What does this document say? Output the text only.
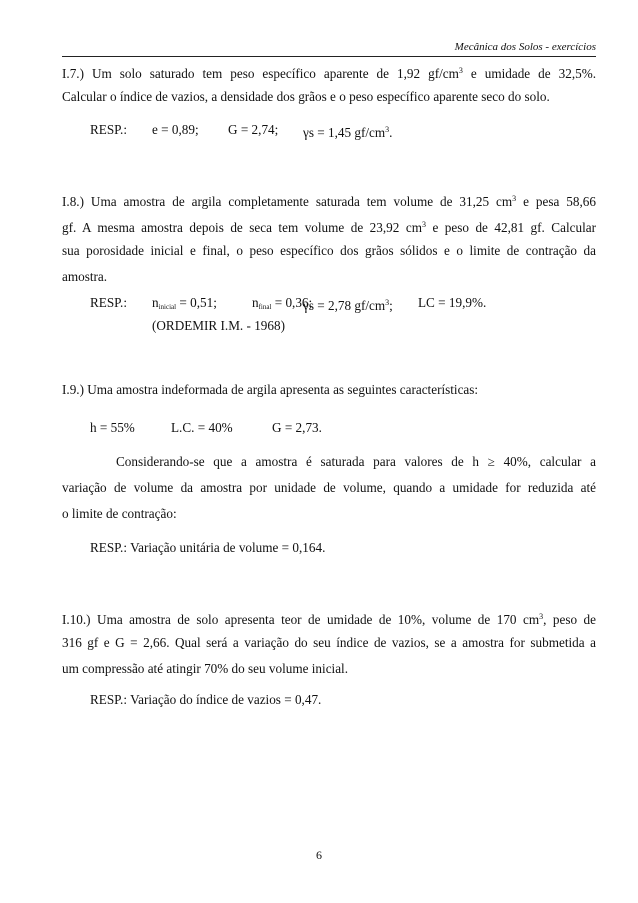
Mecânica dos Solos - exercícios
I.7.) Um solo saturado tem peso específico aparente de 1,92 $gf/cm^3$ e umidade de 32,5%.
Calcular o índice de vazios, a densidade dos grãos e o peso específico aparente seco do solo.
RESP.: e = 0,89; G = 2,74; γs = 1,45 $gf/cm^3$.
I.8.) Uma amostra de argila completamente saturada tem volume de 31,25 $cm^3$ e pesa 58,66
gf. A mesma amostra depois de seca tem volume de 23,92 $cm^3$ e peso de 42,81 gf. Calcular
sua porosidade inicial e final, o peso específico dos grãos sólidos e o limite de contração da
amostra.
RESP.: $n_{inicial} = 0,51$;	$n_{final} = 0,36$;
γs = 2,78 $gf/cm^3$; LC = 19,9%.
(ORDEMIR I.M. - 1968)
I.9.) Uma amostra indeformada de argila apresenta as seguintes características:
h = 55%	L.C. = 40%	G = 2,73.
Considerando-se que a amostra é saturada para valores de h ≥ 40%, calcular a
variação de volume da amostra por unidade de volume, quando a umidade for reduzida até
o limite de contração:
RESP.: Variação unitária de volume = 0,164.
I.10.) Uma amostra de solo apresenta teor de umidade de 10%, volume de 170 $cm^3$, peso de
316 gf e G = 2,66. Qual será a variação do seu índice de vazios, se a amostra for submetida a
um compressão até atingir 70% do seu volume inicial.
RESP.: Variação do índice de vazios = 0,47.
6
